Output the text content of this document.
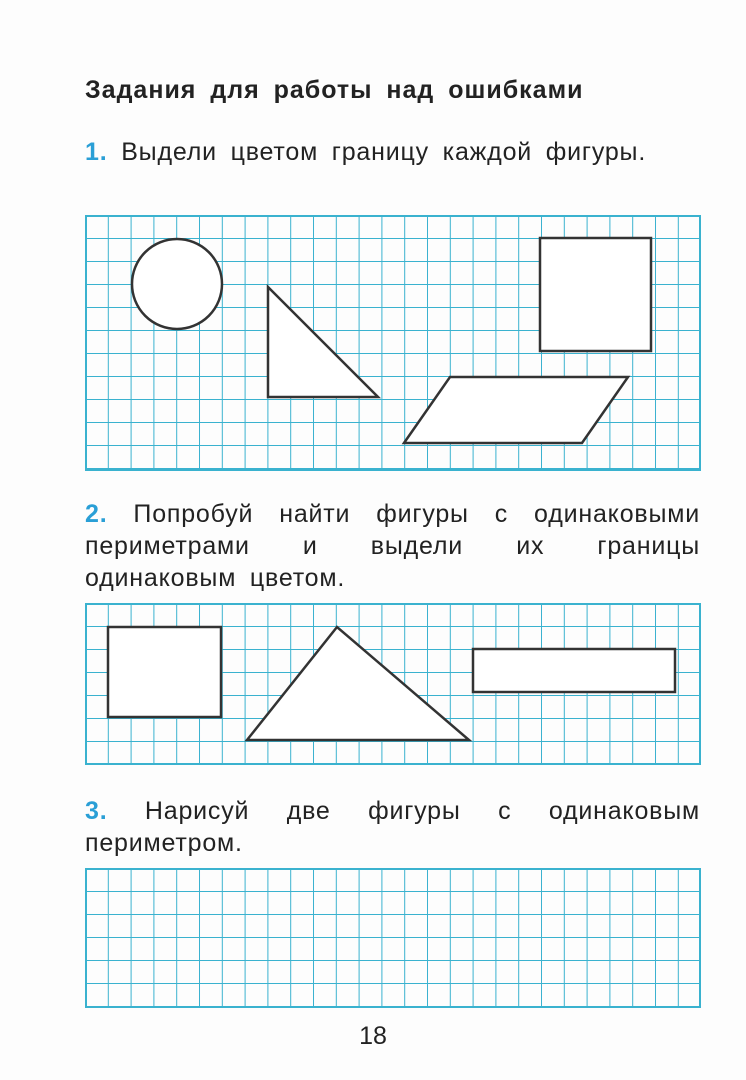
Задания для работы над ошибками
1. Выдели цветом границу каждой фигуры.
2. Попробуй найти фигуры с одинаковыми периметрами и выдели их границы одинаковым цветом.
3. Нарисуй две фигуры с одинаковым периметром.
18
